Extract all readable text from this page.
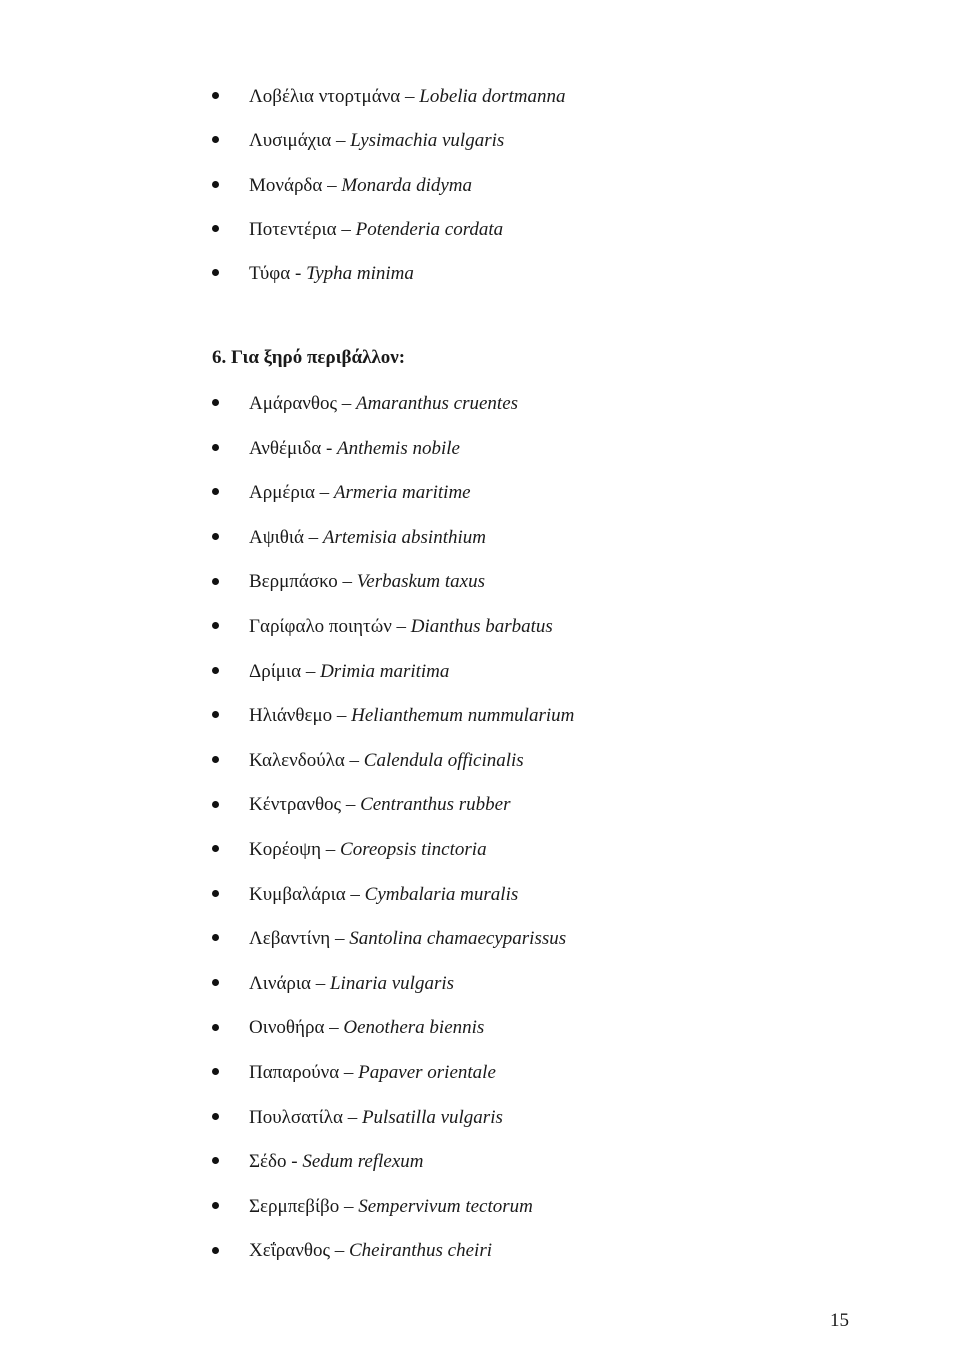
Λοβέλια ντορτμάνα – Lobelia dortmanna
Λυσιμάχια – Lysimachia vulgaris
Μονάρδα – Monarda didyma
Ποτεντέρια – Potenderia cordata
Τύφα - Typha minima
6. Για ξηρό περιβάλλον:
Αμάρανθος – Amaranthus cruentes
Ανθέμιδα - Anthemis nobile
Αρμέρια – Armeria maritime
Αψιθιά – Artemisia absinthium
Βερμπάσκο – Verbaskum taxus
Γαρίφαλο ποιητών – Dianthus barbatus
Δρίμια – Drimia maritima
Ηλιάνθεμο – Helianthemum nummularium
Καλενδούλα – Calendula officinalis
Κέντρανθος – Centranthus rubber
Κορέοψη – Coreopsis tinctoria
Κυμβαλάρια – Cymbalaria muralis
Λεβαντίνη – Santolina chamaecyparissus
Λινάρια – Linaria vulgaris
Οινοθήρα – Oenothera biennis
Παπαρούνα – Papaver orientale
Πουλσατίλα – Pulsatilla vulgaris
Σέδο - Sedum reflexum
Σερμπεβίβο – Sempervivum tectorum
Χεΐρανθος – Cheiranthus cheiri
15
